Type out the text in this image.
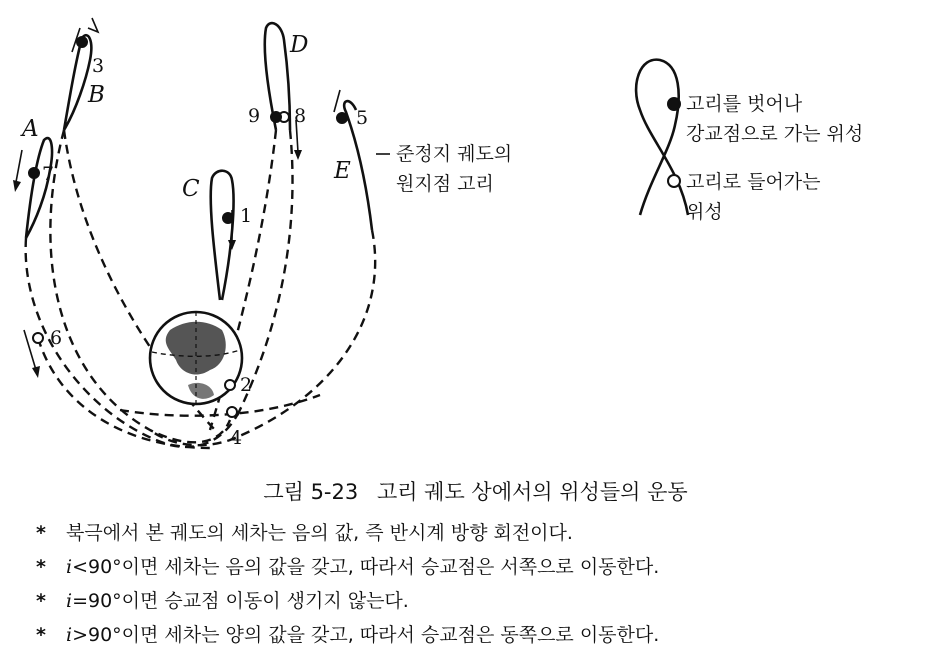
A
B
C
D
E
1
2
3
4
5
6
7
8
9
준정지 궤도의
원지점 고리
고리를 벗어나
강교점으로 가는 위성
고리로 들어가는
위성
그림 5-23 고리 궤도 상에서의 위성들의 운동
* 북극에서 본 궤도의 세차는 음의 값, 즉 반시계 방향 회전이다.
* i<90°이면 세차는 음의 값을 갖고, 따라서 승교점은 서쪽으로 이동한다.
* i=90°이면 승교점 이동이 생기지 않는다.
* i>90°이면 세차는 양의 값을 갖고, 따라서 승교점은 동쪽으로 이동한다.
